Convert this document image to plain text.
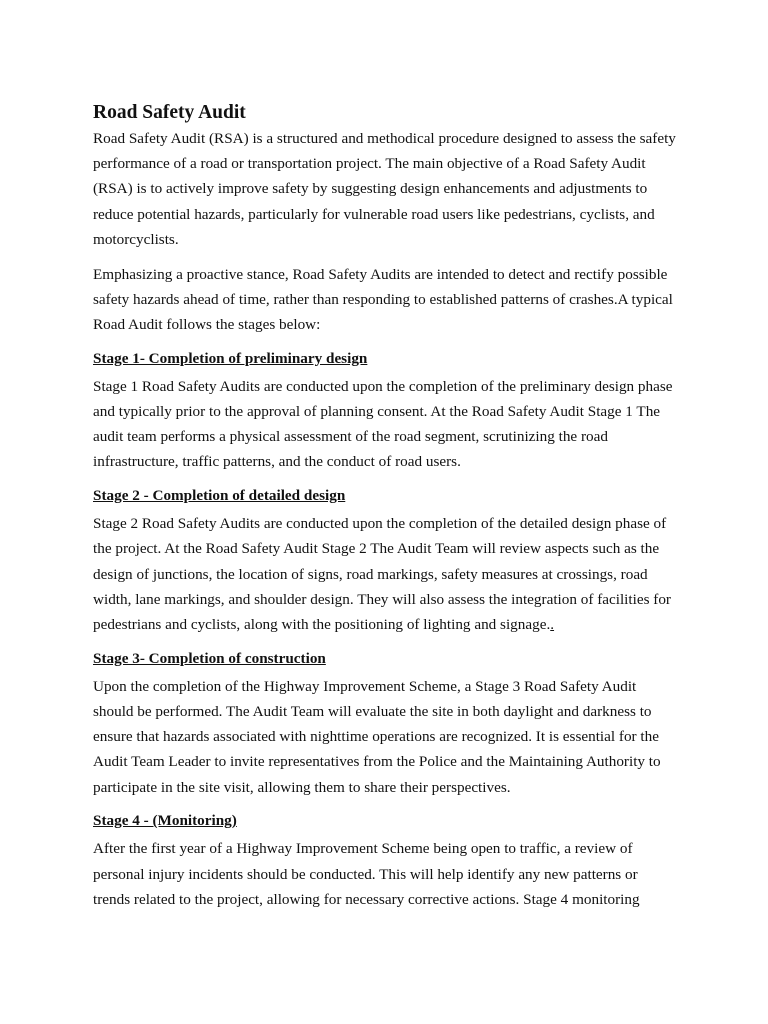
Road Safety Audit

Road Safety Audit (RSA) is a structured and methodical procedure designed to assess the safety performance of a road or transportation project. The main objective of a Road Safety Audit (RSA) is to actively improve safety by suggesting design enhancements and adjustments to reduce potential hazards, particularly for vulnerable road users like pedestrians, cyclists, and motorcyclists.

Emphasizing a proactive stance, Road Safety Audits are intended to detect and rectify possible safety hazards ahead of time, rather than responding to established patterns of crashes.A typical Road Audit follows the stages below:

Stage 1- Completion of preliminary design

Stage 1 Road Safety Audits are conducted upon the completion of the preliminary design phase and typically prior to the approval of planning consent. At the Road Safety Audit Stage 1 The audit team performs a physical assessment of the road segment, scrutinizing the road infrastructure, traffic patterns, and the conduct of road users.

Stage 2 - Completion of detailed design

Stage 2 Road Safety Audits are conducted upon the completion of the detailed design phase of the project. At the Road Safety Audit Stage 2 The Audit Team will review aspects such as the design of junctions, the location of signs, road markings, safety measures at crossings, road width, lane markings, and shoulder design. They will also assess the integration of facilities for pedestrians and cyclists, along with the positioning of lighting and signage..

Stage 3- Completion of construction

Upon the completion of the Highway Improvement Scheme, a Stage 3 Road Safety Audit should be performed. The Audit Team will evaluate the site in both daylight and darkness to ensure that hazards associated with nighttime operations are recognized. It is essential for the Audit Team Leader to invite representatives from the Police and the Maintaining Authority to participate in the site visit, allowing them to share their perspectives.

Stage 4 - (Monitoring)

After the first year of a Highway Improvement Scheme being open to traffic, a review of personal injury incidents should be conducted. This will help identify any new patterns or trends related to the project, allowing for necessary corrective actions. Stage 4 monitoring
